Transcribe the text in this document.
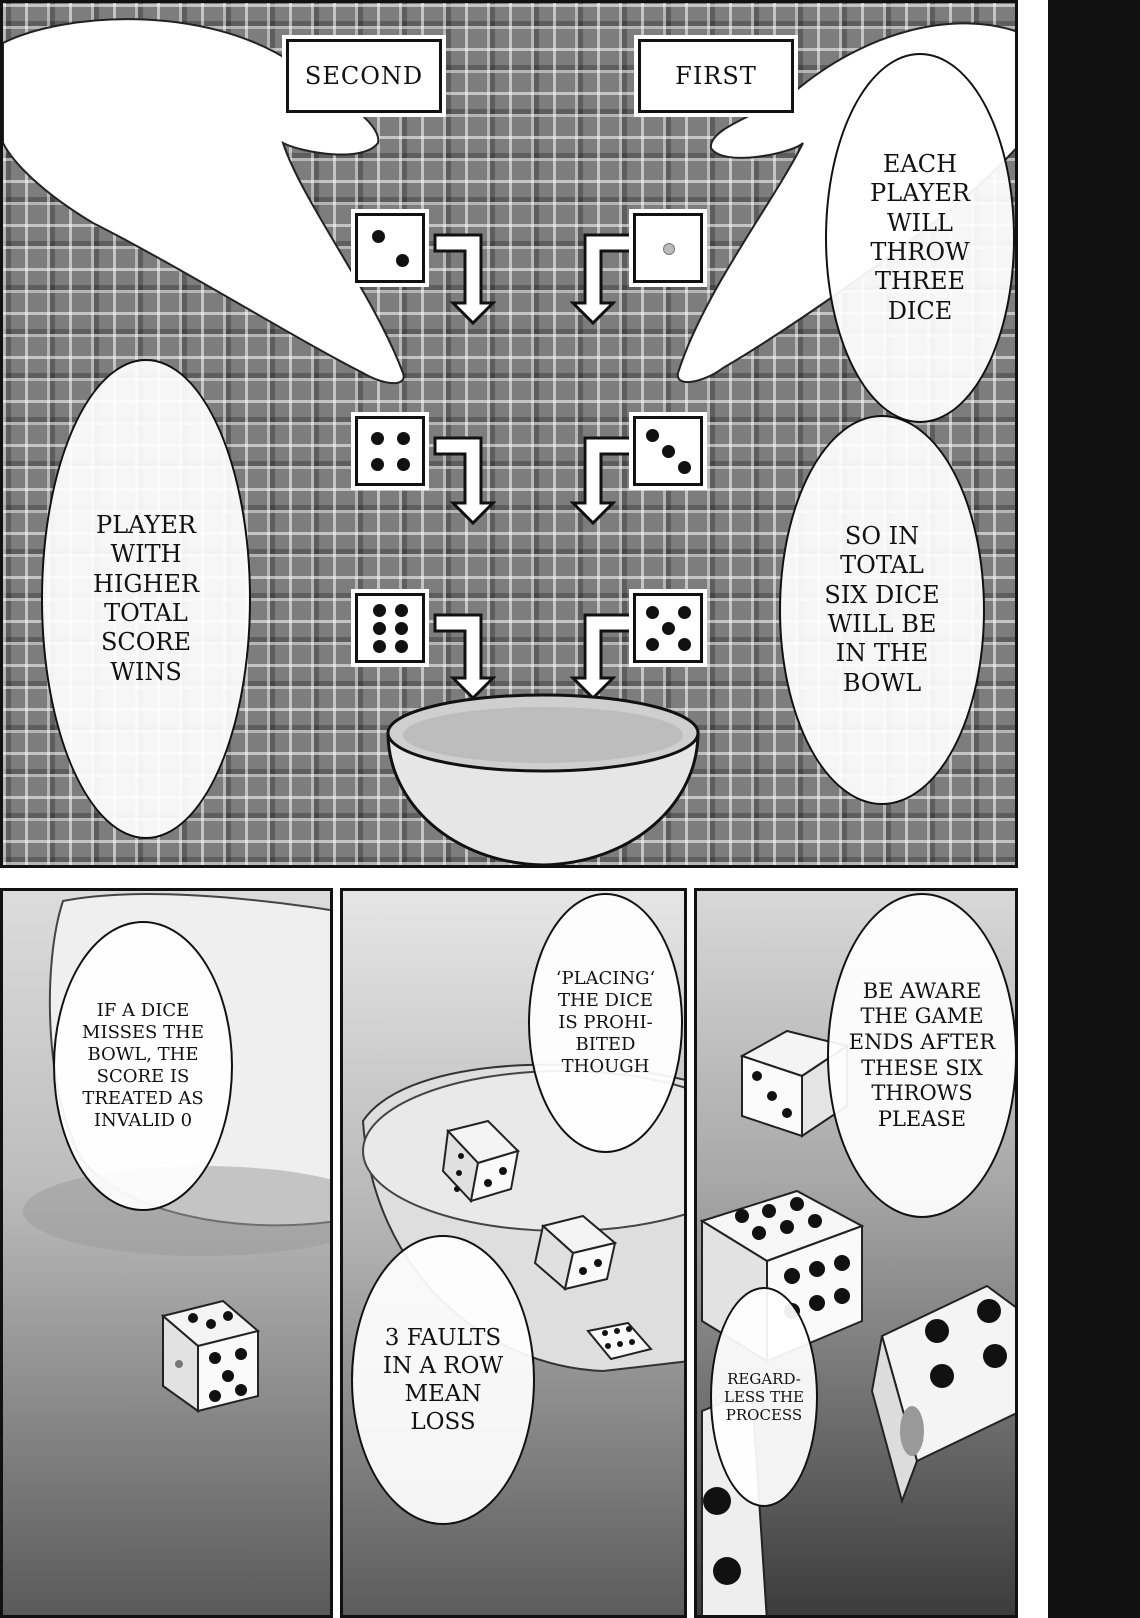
SECOND	FIRST
EACH
PLAYER
WILL
THROW
THREE
DICE
SO IN
TOTAL
SIX DICE
WILL BE
IN THE
BOWL
PLAYER
WITH
HIGHER
TOTAL
SCORE
WINS
IF A DICE
MISSES THE
BOWL, THE
SCORE IS
TREATED AS
INVALID 0
‘PLACING‘
THE DICE
IS PROHI-
BITED
THOUGH
3 FAULTS
IN A ROW
MEAN
LOSS
BE AWARE
THE GAME
ENDS AFTER
THESE SIX
THROWS
PLEASE
REGARD-
LESS THE
PROCESS
